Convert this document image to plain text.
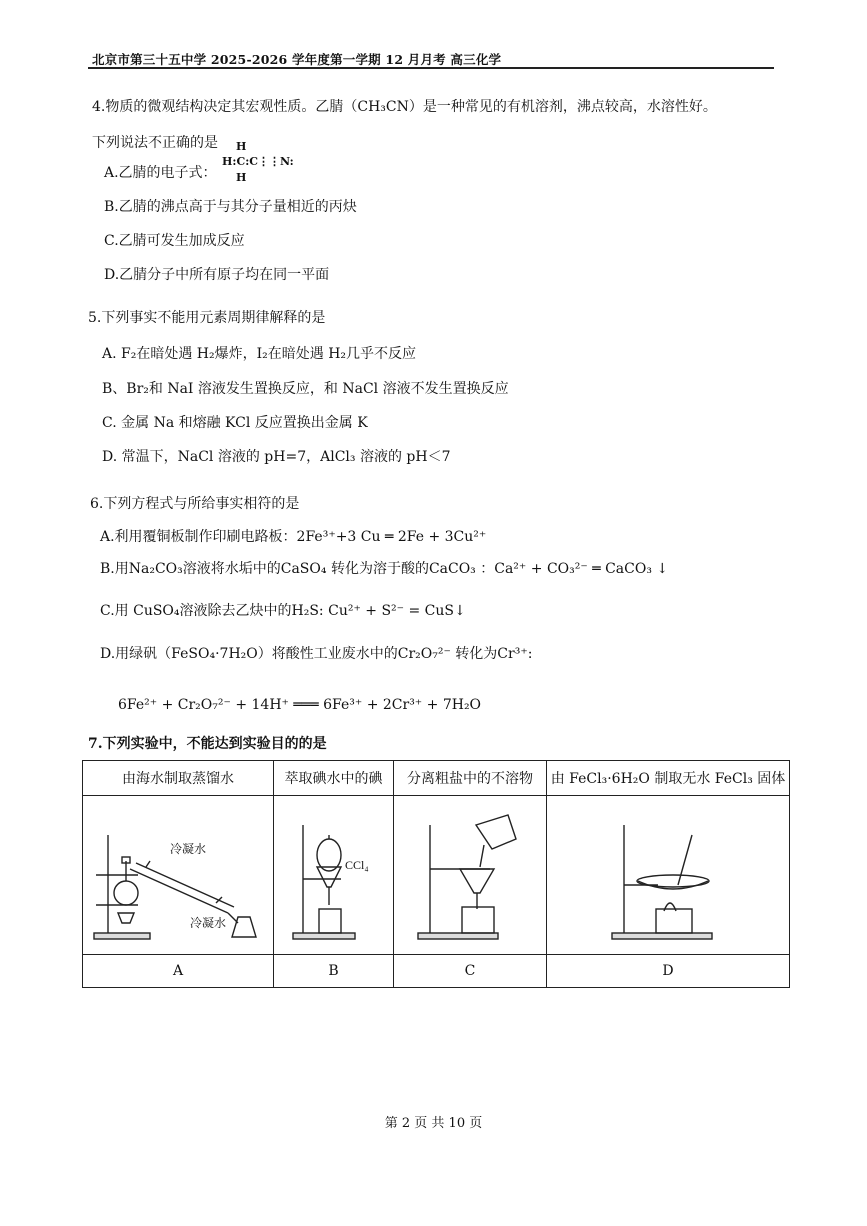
北京市第三十五中学 2025-2026 学年度第一学期 12 月月考 高三化学
4.物质的微观结构决定其宏观性质。乙腈（CH₃CN）是一种常见的有机溶剂，沸点较高，水溶性好。
下列说法不正确的是
A.乙腈的电子式：
H
H:C:C⋮⋮N:
H
B.乙腈的沸点高于与其分子量相近的丙炔
C.乙腈可发生加成反应
D.乙腈分子中所有原子均在同一平面
5.下列事实不能用元素周期律解释的是
A. F₂在暗处遇 H₂爆炸，I₂在暗处遇 H₂几乎不反应
B、Br₂和 NaI 溶液发生置换反应，和 NaCl 溶液不发生置换反应
C. 金属 Na 和熔融 KCl 反应置换出金属 K
D. 常温下，NaCl 溶液的 pH=7，AlCl₃ 溶液的 pH＜7
6.下列方程式与所给事实相符的是
A.利用覆铜板制作印刷电路板：2Fe³⁺+3 Cu ═ 2Fe + 3Cu²⁺
B.用Na₂CO₃溶液将水垢中的CaSO₄ 转化为溶于酸的CaCO₃ ：Ca²⁺ + CO₃²⁻ ═ CaCO₃ ↓
C.用 CuSO₄溶液除去乙炔中的H₂S: Cu²⁺ + S²⁻ = CuS↓
D.用绿矾（FeSO₄·7H₂O）将酸性工业废水中的Cr₂O₇²⁻ 转化为Cr³⁺:
6Fe²⁺ + Cr₂O₇²⁻ + 14H⁺ ═══ 6Fe³⁺ + 2Cr³⁺ + 7H₂O
7.下列实验中，不能达到实验目的的是
由海水制取蒸馏水	萃取碘水中的碘	分离粗盐中的不溶物	由 FeCl₃·6H₂O 制取无水 FeCl₃ 固体

冷凝水
冷凝水	CCl₄

A	B	C	D
第 2 页 共 10 页
